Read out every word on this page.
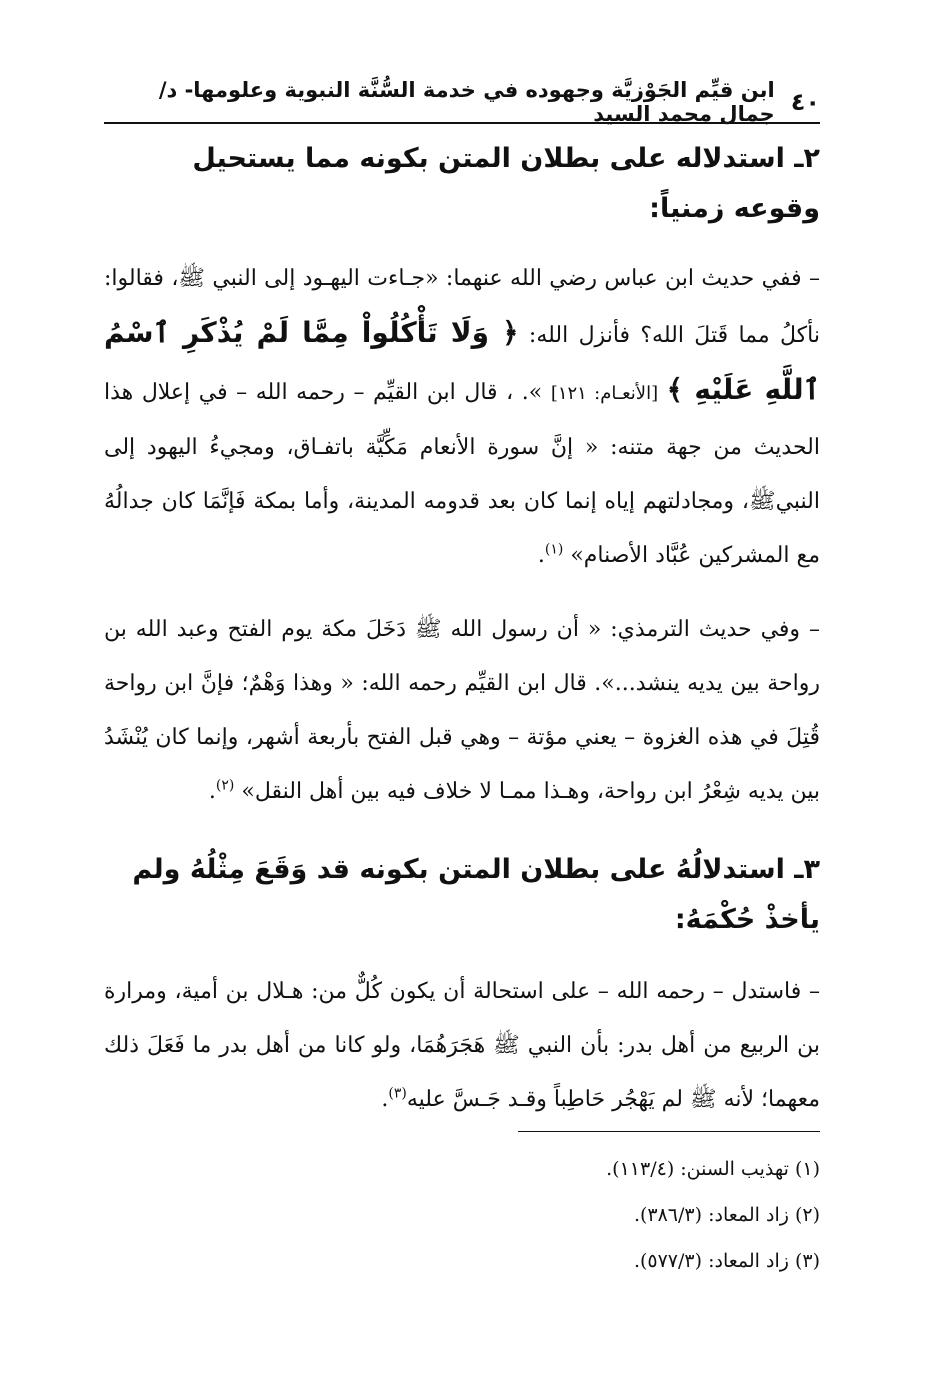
٤٠
ابن قيِّم الجَوْزيَّة وجهوده في خدمة السُّنَّة النبوية وعلومها- د/جمال محمد السيد
٢ـ استدلاله على بطلان المتن بكونه مما يستحيل وقوعه زمنياً:

– ففي حديث ابن عباس رضي الله عنهما: «جـاءت اليهـود إلى النبي ﷺ، فقالوا: نأكلُ مما قَتلَ الله؟ فأنزل الله: ﴿ وَلَا تَأْكُلُواْ مِمَّا لَمْ يُذْكَرِ ٱسْمُ ٱللَّهِ عَلَيْهِ ﴾ [الأنعـام: ١٢١] ». ، قال ابن القيِّم – رحمه الله – في إعلال هذا الحديث من جهة متنه: « إنَّ سورة الأنعام مَكِّيَّة باتفـاق، ومجيءُ اليهود إلى النبيﷺ، ومجادلتهم إياه إنما كان بعد قدومه المدينة، وأما بمكة فَإنَّمَا كان جدالُهُ مع المشركين عُبَّاد الأصنام» $^{(١)}$.

– وفي حديث الترمذي: « أن رسول الله ﷺ دَخَلَ مكة يوم الفتح وعبد الله بن رواحة بين يديه ينشد...». قال ابن القيِّم رحمه الله: « وهذا وَهْمٌ؛ فإنَّ ابن رواحة قُتِلَ في هذه الغزوة – يعني مؤتة – وهي قبل الفتح بأربعة أشهر، وإنما كان يُنْشَدُ بين يديه شِعْرُ ابن رواحة، وهـذا ممـا لا خلاف فيه بين أهل النقل» $^{(٢)}$.

٣ـ استدلالُهُ على بطلان المتن بكونه قد وَقَعَ مِثْلُهُ ولم يأخذْ حُكْمَهُ:

– فاستدل – رحمه الله – على استحالة أن يكون كُلٌّ من: هـلال بن أمية، ومرارة بن الربيع من أهل بدر: بأن النبي ﷺ هَجَرَهُمَا، ولو كانا من أهل بدر ما فَعَلَ ذلك معهما؛ لأنه ﷺ لم يَهْجُر حَاطِباً وقـد جَـسَّ عليه$^{(٣)}$.

(١) تهذيب السنن: (١١٣/٤).
(٢) زاد المعاد: (٣٨٦/٣).
(٣) زاد المعاد: (٥٧٧/٣).
